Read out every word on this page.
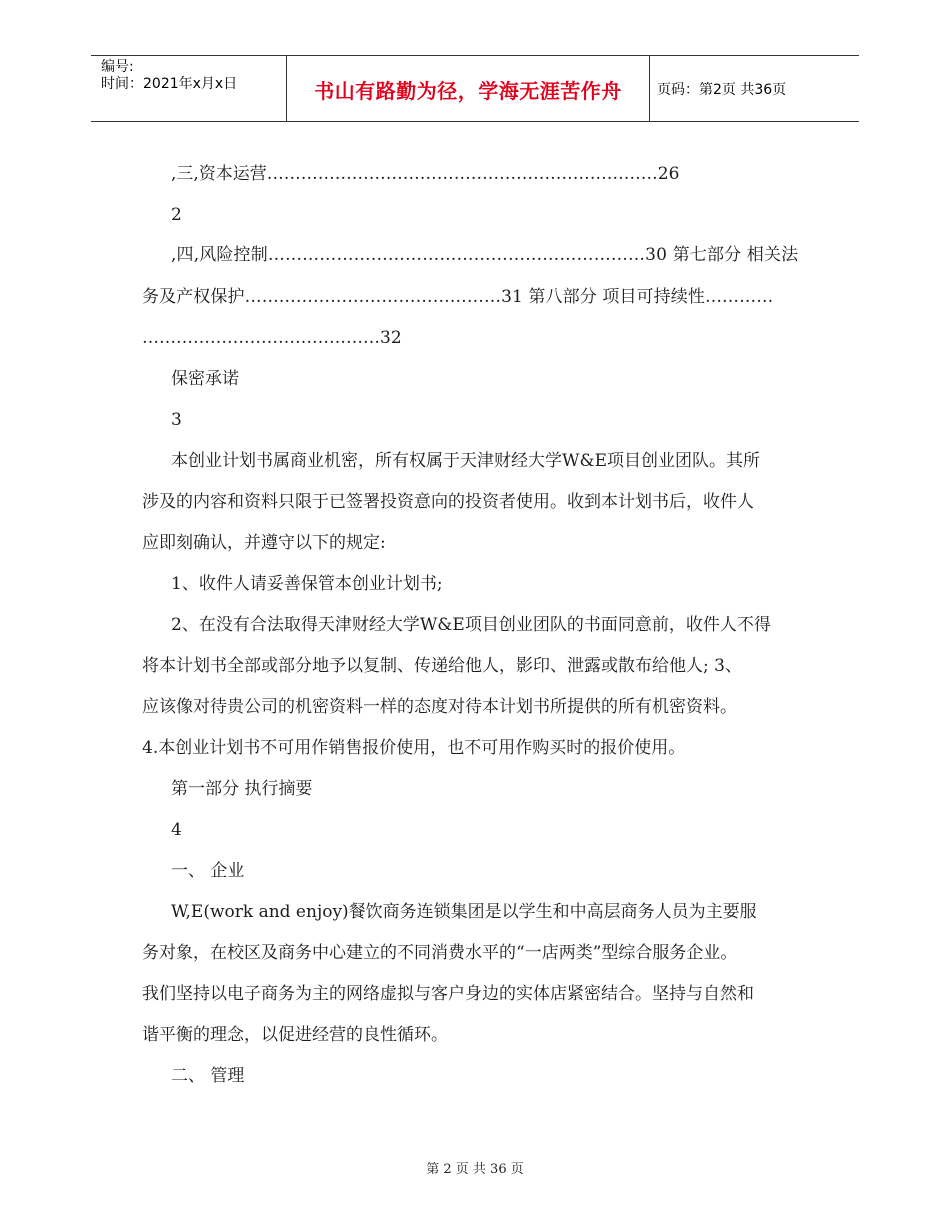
编号:
时间：2021年x月x日	书山有路勤为径，学海无涯苦作舟	页码：第2页 共36页
,三,资本运营……………………………………………………………26
2
,四,风险控制…………………………………………………………30 第七部分 相关法
务及产权保护………………………………………31 第八部分 项目可持续性…………
……………………………………32
保密承诺
3
本创业计划书属商业机密，所有权属于天津财经大学W&E项目创业团队。其所
涉及的内容和资料只限于已签署投资意向的投资者使用。收到本计划书后，收件人
应即刻确认，并遵守以下的规定:
1、收件人请妥善保管本创业计划书;
2、在没有合法取得天津财经大学W&E项目创业团队的书面同意前，收件人不得
将本计划书全部或部分地予以复制、传递给他人，影印、泄露或散布给他人; 3、
应该像对待贵公司的机密资料一样的态度对待本计划书所提供的所有机密资料。
4.本创业计划书不可用作销售报价使用，也不可用作购买时的报价使用。
第一部分 执行摘要
4
一、 企业
W,E(work and enjoy)餐饮商务连锁集团是以学生和中高层商务人员为主要服
务对象，在校区及商务中心建立的不同消费水平的“一店两类”型综合服务企业。
我们坚持以电子商务为主的网络虚拟与客户身边的实体店紧密结合。坚持与自然和
谐平衡的理念，以促进经营的良性循环。
二、 管理
第 2 页 共 36 页
